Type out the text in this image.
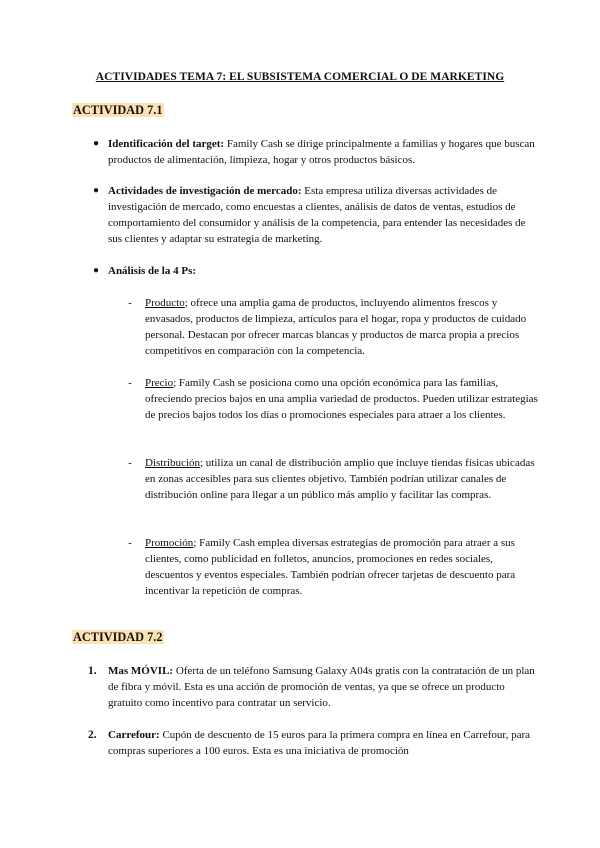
ACTIVIDADES TEMA 7: EL SUBSISTEMA COMERCIAL O DE MARKETING
ACTIVIDAD 7.1

● Identificación del target: Family Cash se dirige principalmente a familias y hogares que buscan productos de alimentación, limpieza, hogar y otros productos básicos.

● Actividades de investigación de mercado: Esta empresa utiliza diversas actividades de investigación de mercado, como encuestas a clientes, análisis de datos de ventas, estudios de comportamiento del consumidor y análisis de la competencia, para entender las necesidades de sus clientes y adaptar su estrategia de marketing.

● Análisis de la 4 Ps:

- Producto; ofrece una amplia gama de productos, incluyendo alimentos frescos y envasados, productos de limpieza, artículos para el hogar, ropa y productos de cuidado personal. Destacan por ofrecer marcas blancas y productos de marca propia a precios competitivos en comparación con la competencia.

- Precio; Family Cash se posiciona como una opción económica para las familias, ofreciendo precios bajos en una amplia variedad de productos. Pueden utilizar estrategias de precios bajos todos los días o promociones especiales para atraer a los clientes.

- Distribución; utiliza un canal de distribución amplio que incluye tiendas físicas ubicadas en zonas accesibles para sus clientes objetivo. También podrían utilizar canales de distribución online para llegar a un público más amplio y facilitar las compras.

- Promoción; Family Cash emplea diversas estrategias de promoción para atraer a sus clientes, como publicidad en folletos, anuncios, promociones en redes sociales, descuentos y eventos especiales. También podrían ofrecer tarjetas de descuento para incentivar la repetición de compras.

ACTIVIDAD 7.2

1. Mas MÓVIL: Oferta de un teléfono Samsung Galaxy A04s gratis con la contratación de un plan de fibra y móvil. Esta es una acción de promoción de ventas, ya que se ofrece un producto gratuito como incentivo para contratar un servicio.

2. Carrefour: Cupón de descuento de 15 euros para la primera compra en línea en Carrefour, para compras superiores a 100 euros. Esta es una iniciativa de promoción
